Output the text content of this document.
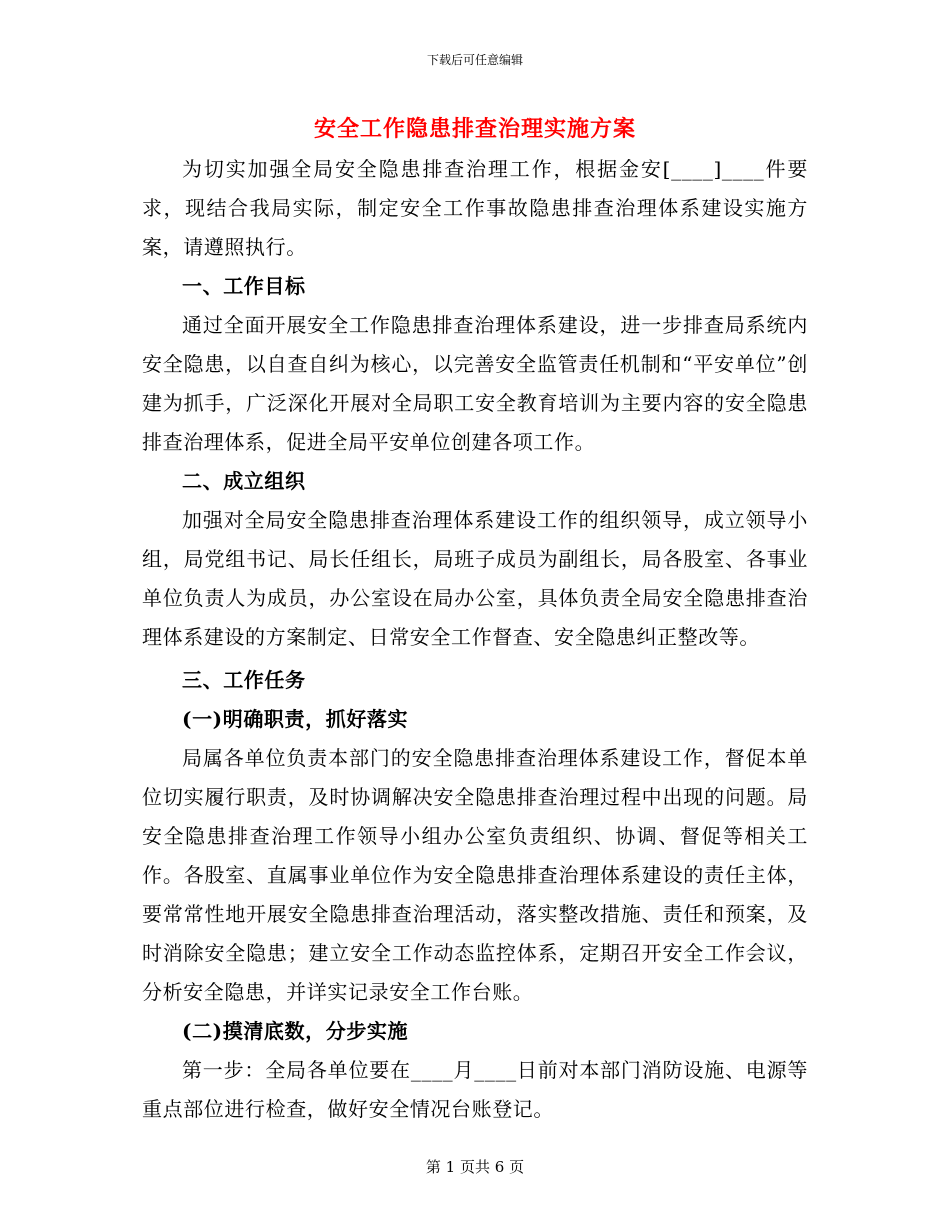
下载后可任意编辑
安全工作隐患排查治理实施方案

为切实加强全局安全隐患排查治理工作，根据金安[____]____件要求，现结合我局实际，制定安全工作事故隐患排查治理体系建设实施方案，请遵照执行。

一、工作目标

通过全面开展安全工作隐患排查治理体系建设，进一步排查局系统内安全隐患，以自查自纠为核心，以完善安全监管责任机制和“平安单位”创建为抓手，广泛深化开展对全局职工安全教育培训为主要内容的安全隐患排查治理体系，促进全局平安单位创建各项工作。

二、成立组织

加强对全局安全隐患排查治理体系建设工作的组织领导，成立领导小组，局党组书记、局长任组长，局班子成员为副组长，局各股室、各事业单位负责人为成员，办公室设在局办公室，具体负责全局安全隐患排查治理体系建设的方案制定、日常安全工作督查、安全隐患纠正整改等。

三、工作任务

(一)明确职责，抓好落实

局属各单位负责本部门的安全隐患排查治理体系建设工作，督促本单位切实履行职责，及时协调解决安全隐患排查治理过程中出现的问题。局安全隐患排查治理工作领导小组办公室负责组织、协调、督促等相关工作。各股室、直属事业单位作为安全隐患排查治理体系建设的责任主体，要常常性地开展安全隐患排查治理活动，落实整改措施、责任和预案，及时消除安全隐患；建立安全工作动态监控体系，定期召开安全工作会议，分析安全隐患，并详实记录安全工作台账。

(二)摸清底数，分步实施

第一步：全局各单位要在____月____日前对本部门消防设施、电源等重点部位进行检查，做好安全情况台账登记。

第 1 页共 6 页
